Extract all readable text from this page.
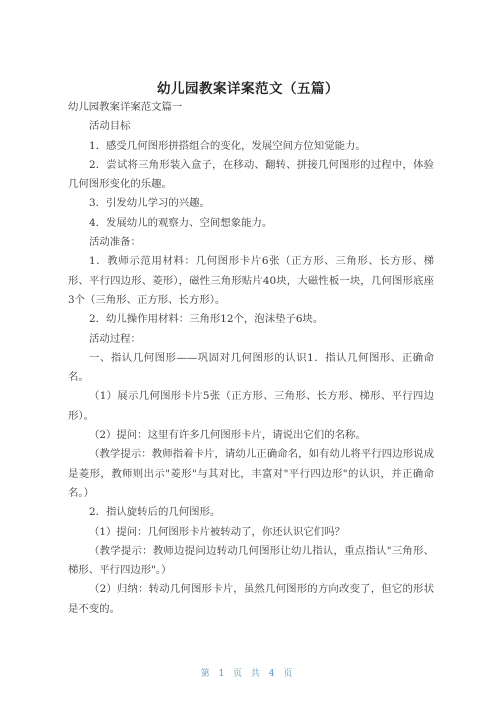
幼儿园教案详案范文（五篇）

幼儿园教案详案范文篇一

活动目标

1．感受几何图形拼搭组合的变化，发展空间方位知觉能力。

2．尝试将三角形装入盒子，在移动、翻转、拼接几何图形的过程中，体验几何图形变化的乐趣。

3．引发幼儿学习的兴趣。

4．发展幼儿的观察力、空间想象能力。

活动准备：

1．教师示范用材料：几何图形卡片6张（正方形、三角形、长方形、梯形、平行四边形、菱形），磁性三角形贴片40块，大磁性板一块，几何图形底座3个（三角形、正方形、长方形）。

2．幼儿操作用材料：三角形12个，泡沫垫子6块。

活动过程：

一、指认几何图形——巩固对几何图形的认识1．指认几何图形、正确命名。

（1）展示几何图形卡片5张（正方形、三角形、长方形、梯形、平行四边形）。

（2）提问：这里有许多几何图形卡片，请说出它们的名称。

（教学提示：教师指着卡片，请幼儿正确命名，如有幼儿将平行四边形说成是菱形，教师则出示"菱形"与其对比，丰富对"平行四边形"的认识，并正确命名。）

2．指认旋转后的几何图形。

（1）提问：几何图形卡片被转动了，你还认识它们吗？

（教学提示：教师边提问边转动几何图形让幼儿指认，重点指认"三角形、梯形、平行四边形"。）

（2）归纳：转动几何图形卡片，虽然几何图形的方向改变了，但它的形状是不变的。

第 1 页 共 4 页
